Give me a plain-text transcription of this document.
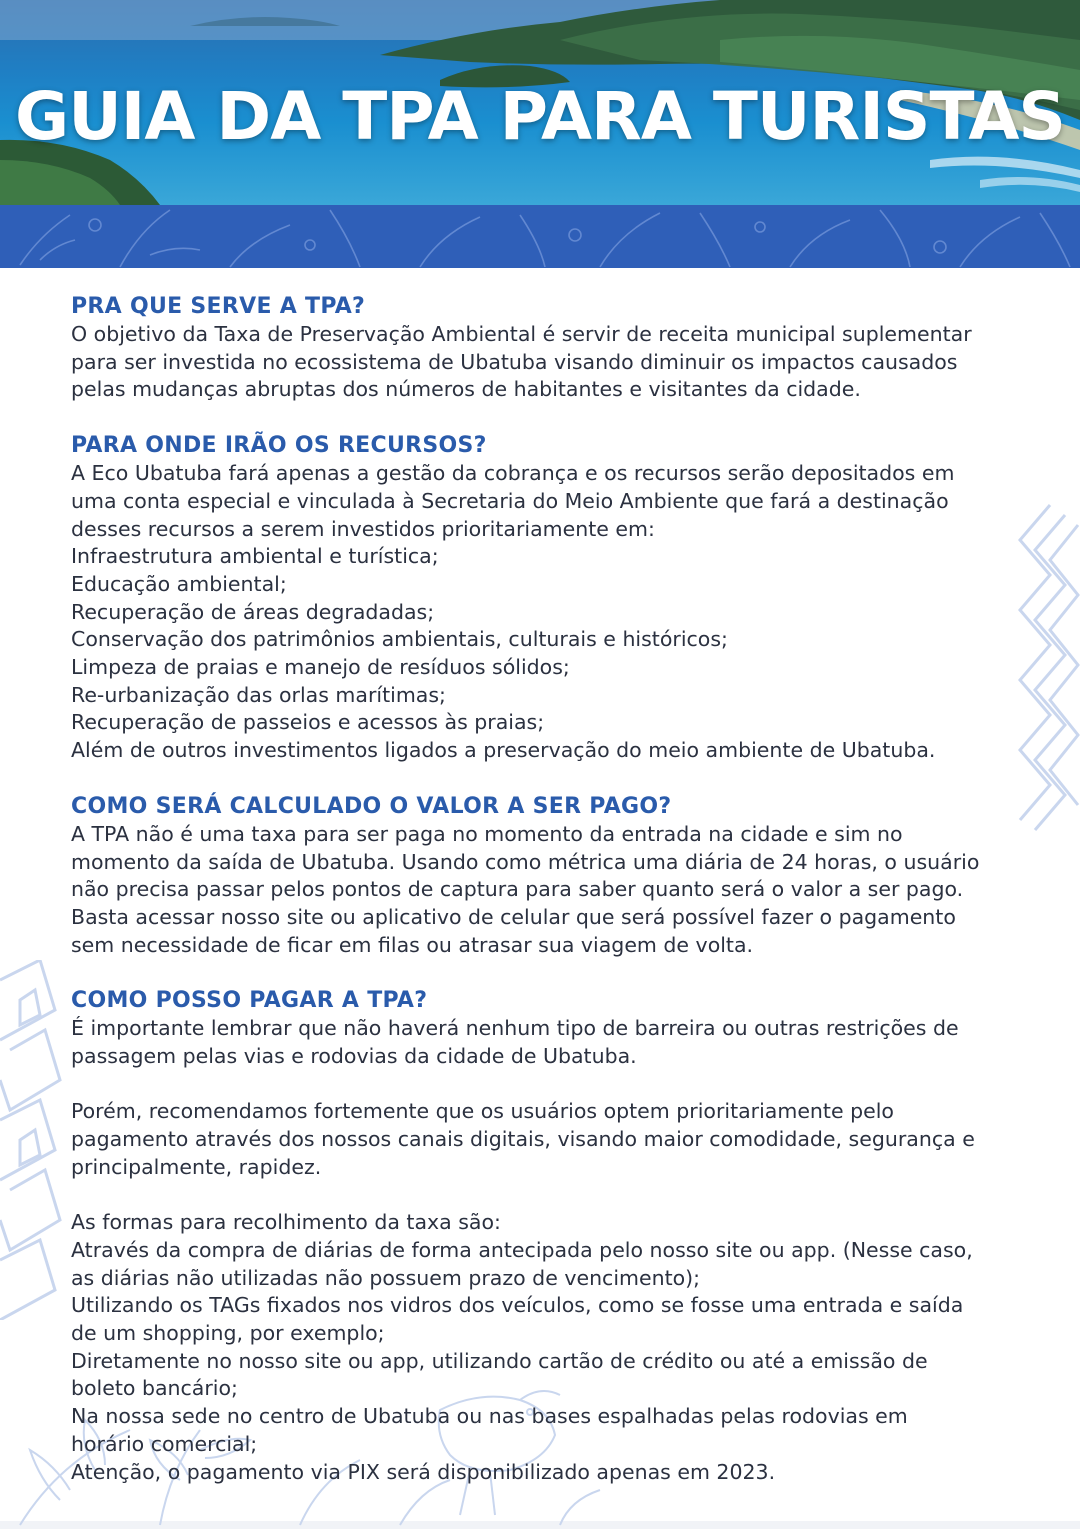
GUIA DA TPA PARA TURISTAS
PRA QUE SERVE A TPA?

O objetivo da Taxa de Preservação Ambiental é servir de receita municipal suplementar
para ser investida no ecossistema de Ubatuba visando diminuir os impactos causados
pelas mudanças abruptas dos números de habitantes e visitantes da cidade.

PARA ONDE IRÃO OS RECURSOS?

A Eco Ubatuba fará apenas a gestão da cobrança e os recursos serão depositados em
uma conta especial e vinculada à Secretaria do Meio Ambiente que fará a destinação
desses recursos a serem investidos prioritariamente em:
Infraestrutura ambiental e turística;
Educação ambiental;
Recuperação de áreas degradadas;
Conservação dos patrimônios ambientais, culturais e históricos;
Limpeza de praias e manejo de resíduos sólidos;
Re-urbanização das orlas marítimas;
Recuperação de passeios e acessos às praias;
Além de outros investimentos ligados a preservação do meio ambiente de Ubatuba.

COMO SERÁ CALCULADO O VALOR A SER PAGO?

A TPA não é uma taxa para ser paga no momento da entrada na cidade e sim no
momento da saída de Ubatuba. Usando como métrica uma diária de 24 horas, o usuário
não precisa passar pelos pontos de captura para saber quanto será o valor a ser pago.
Basta acessar nosso site ou aplicativo de celular que será possível fazer o pagamento
sem necessidade de ficar em filas ou atrasar sua viagem de volta.

COMO POSSO PAGAR A TPA?

É importante lembrar que não haverá nenhum tipo de barreira ou outras restrições de
passagem pelas vias e rodovias da cidade de Ubatuba.

Porém, recomendamos fortemente que os usuários optem prioritariamente pelo
pagamento através dos nossos canais digitais, visando maior comodidade, segurança e
principalmente, rapidez.

As formas para recolhimento da taxa são:
Através da compra de diárias de forma antecipada pelo nosso site ou app. (Nesse caso,
as diárias não utilizadas não possuem prazo de vencimento);
Utilizando os TAGs fixados nos vidros dos veículos, como se fosse uma entrada e saída
de um shopping, por exemplo;
Diretamente no nosso site ou app, utilizando cartão de crédito ou até a emissão de
boleto bancário;
Na nossa sede no centro de Ubatuba ou nas bases espalhadas pelas rodovias em
horário comercial;
Atenção, o pagamento via PIX será disponibilizado apenas em 2023.
